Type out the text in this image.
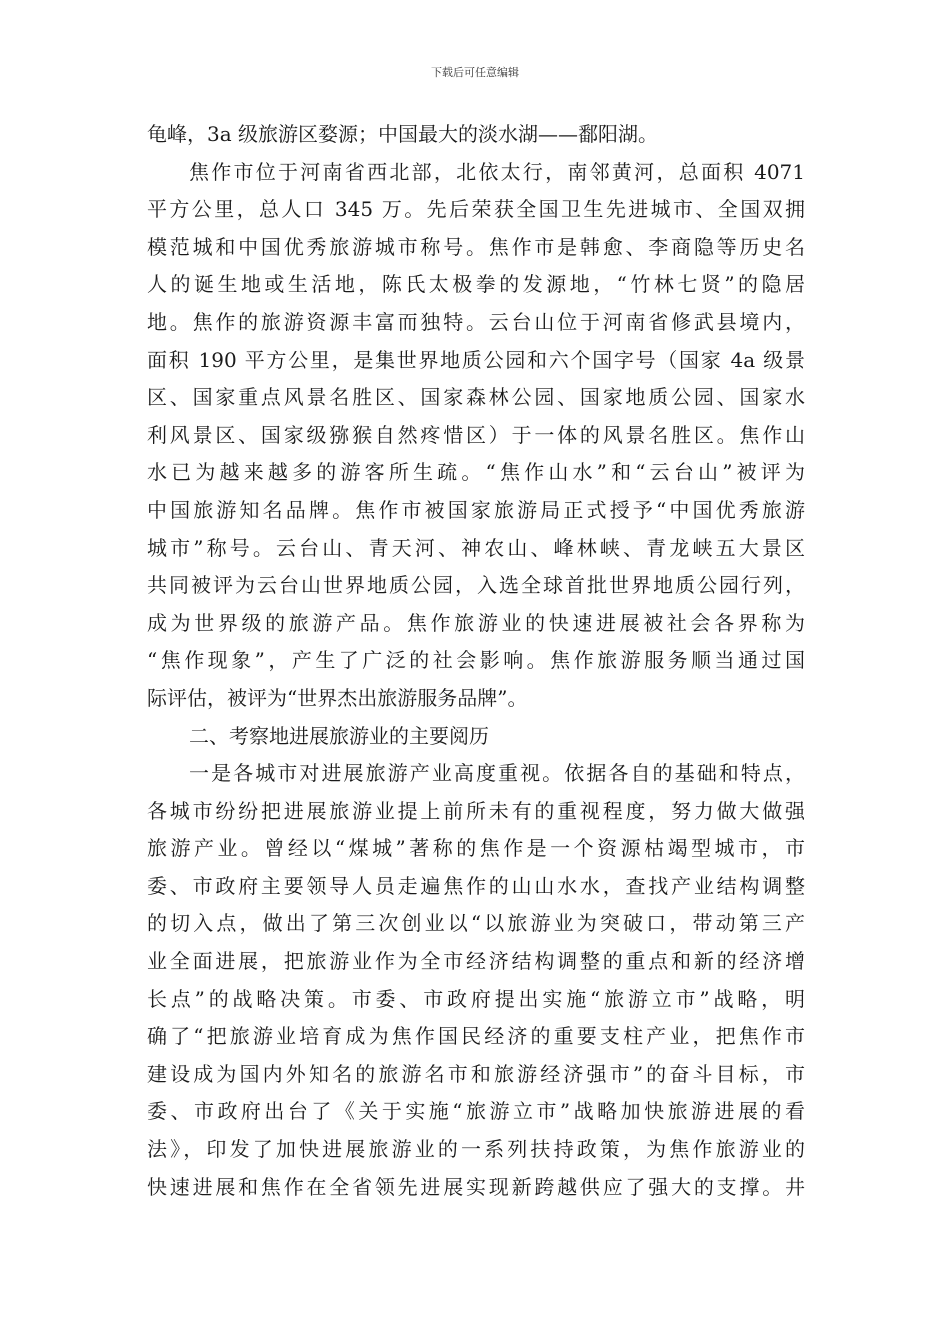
下载后可任意编辑
龟峰，3a 级旅游区婺源；中国最大的淡水湖——鄱阳湖。
焦作市位于河南省西北部，北依太行，南邻黄河，总面积 4071
平方公里，总人口 345 万。先后荣获全国卫生先进城市、全国双拥
模范城和中国优秀旅游城市称号。焦作市是韩愈、李商隐等历史名
人的诞生地或生活地，陈氏太极拳的发源地，“竹林七贤”的隐居
地。焦作的旅游资源丰富而独特。云台山位于河南省修武县境内，
面积 190 平方公里，是集世界地质公园和六个国字号（国家 4a 级景
区、国家重点风景名胜区、国家森林公园、国家地质公园、国家水
利风景区、国家级猕猴自然疼惜区）于一体的风景名胜区。焦作山
水已为越来越多的游客所生疏。“焦作山水”和“云台山”被评为
中国旅游知名品牌。焦作市被国家旅游局正式授予“中国优秀旅游
城市”称号。云台山、青天河、神农山、峰林峡、青龙峡五大景区
共同被评为云台山世界地质公园，入选全球首批世界地质公园行列，
成为世界级的旅游产品。焦作旅游业的快速进展被社会各界称为
“焦作现象”，产生了广泛的社会影响。焦作旅游服务顺当通过国
际评估，被评为“世界杰出旅游服务品牌”。
二、考察地进展旅游业的主要阅历
一是各城市对进展旅游产业高度重视。依据各自的基础和特点，
各城市纷纷把进展旅游业提上前所未有的重视程度，努力做大做强
旅游产业。曾经以“煤城”著称的焦作是一个资源枯竭型城市，市
委、市政府主要领导人员走遍焦作的山山水水，查找产业结构调整
的切入点，做出了第三次创业以“以旅游业为突破口，带动第三产
业全面进展，把旅游业作为全市经济结构调整的重点和新的经济增
长点”的战略决策。市委、市政府提出实施“旅游立市”战略，明
确了“把旅游业培育成为焦作国民经济的重要支柱产业，把焦作市
建设成为国内外知名的旅游名市和旅游经济强市”的奋斗目标，市
委、市政府出台了《关于实施“旅游立市”战略加快旅游进展的看
法》，印发了加快进展旅游业的一系列扶持政策，为焦作旅游业的
快速进展和焦作在全省领先进展实现新跨越供应了强大的支撑。井
